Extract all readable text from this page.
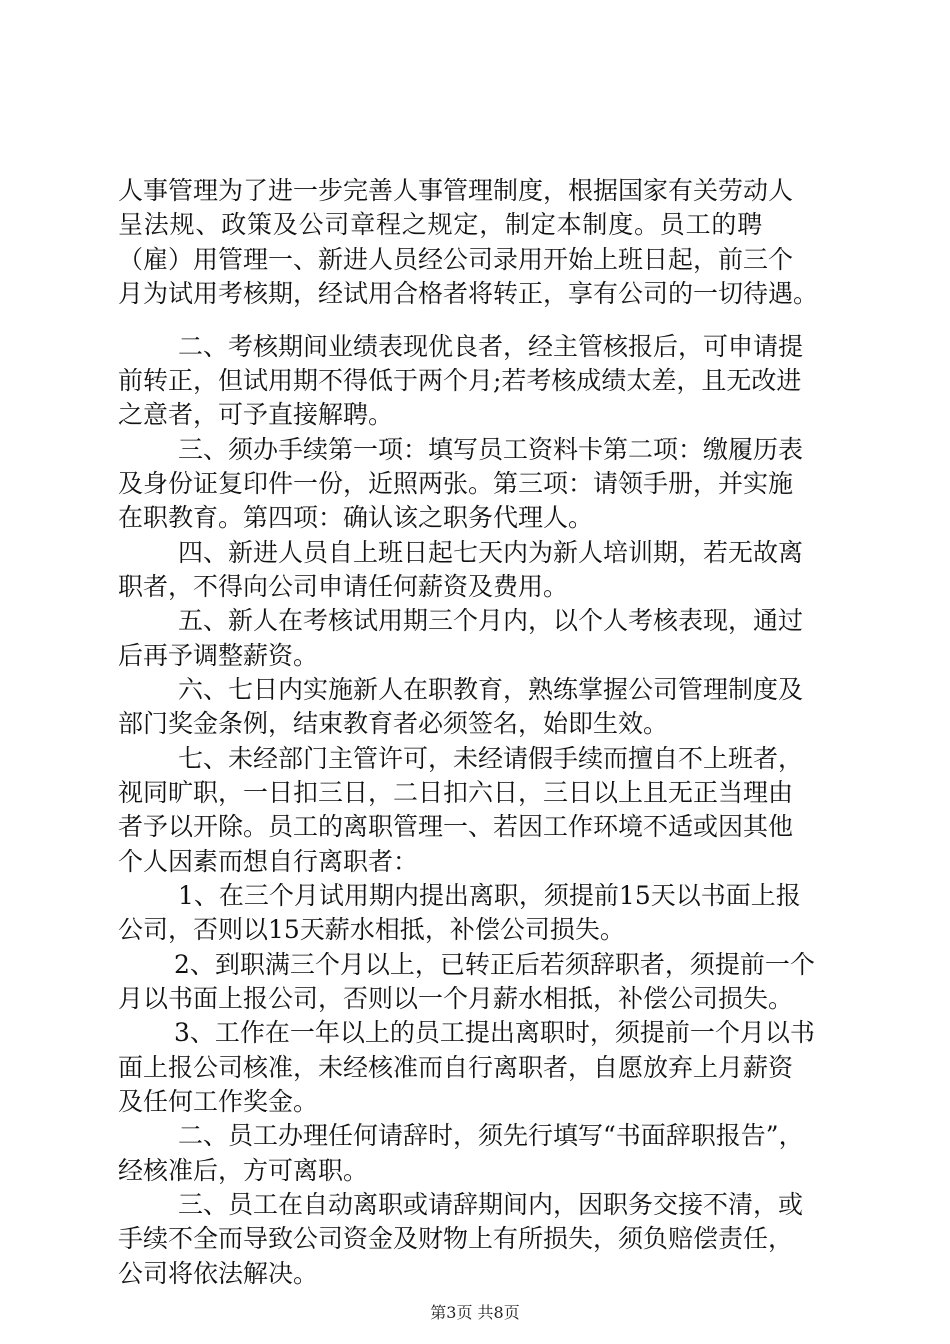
人事管理为了进一步完善人事管理制度，根据国家有关劳动人
呈法规、政策及公司章程之规定，制定本制度。员工的聘
（雇）用管理一、新进人员经公司录用开始上班日起，前三个
月为试用考核期，经试用合格者将转正，享有公司的一切待遇。
二、考核期间业绩表现优良者，经主管核报后，可申请提
前转正，但试用期不得低于两个月;若考核成绩太差，且无改进
之意者，可予直接解聘。
三、须办手续第一项：填写员工资料卡第二项：缴履历表
及身份证复印件一份，近照两张。第三项：请领手册，并实施
在职教育。第四项：确认该之职务代理人。
四、新进人员自上班日起七天内为新人培训期，若无故离
职者，不得向公司申请任何薪资及费用。
五、新人在考核试用期三个月内，以个人考核表现，通过
后再予调整薪资。
六、七日内实施新人在职教育，熟练掌握公司管理制度及
部门奖金条例，结束教育者必须签名，始即生效。
七、未经部门主管许可，未经请假手续而擅自不上班者，
视同旷职，一日扣三日，二日扣六日，三日以上且无正当理由
者予以开除。员工的离职管理一、若因工作环境不适或因其他
个人因素而想自行离职者：
1、在三个月试用期内提出离职，须提前15天以书面上报
公司，否则以15天薪水相抵，补偿公司损失。
2、到职满三个月以上，已转正后若须辞职者，须提前一个
月以书面上报公司，否则以一个月薪水相抵，补偿公司损失。
3、工作在一年以上的员工提出离职时，须提前一个月以书
面上报公司核准，未经核准而自行离职者，自愿放弃上月薪资
及任何工作奖金。
二、员工办理任何请辞时，须先行填写“书面辞职报告”，
经核准后，方可离职。
三、员工在自动离职或请辞期间内，因职务交接不清，或
手续不全而导致公司资金及财物上有所损失，须负赔偿责任，
公司将依法解决。
第3页 共8页
